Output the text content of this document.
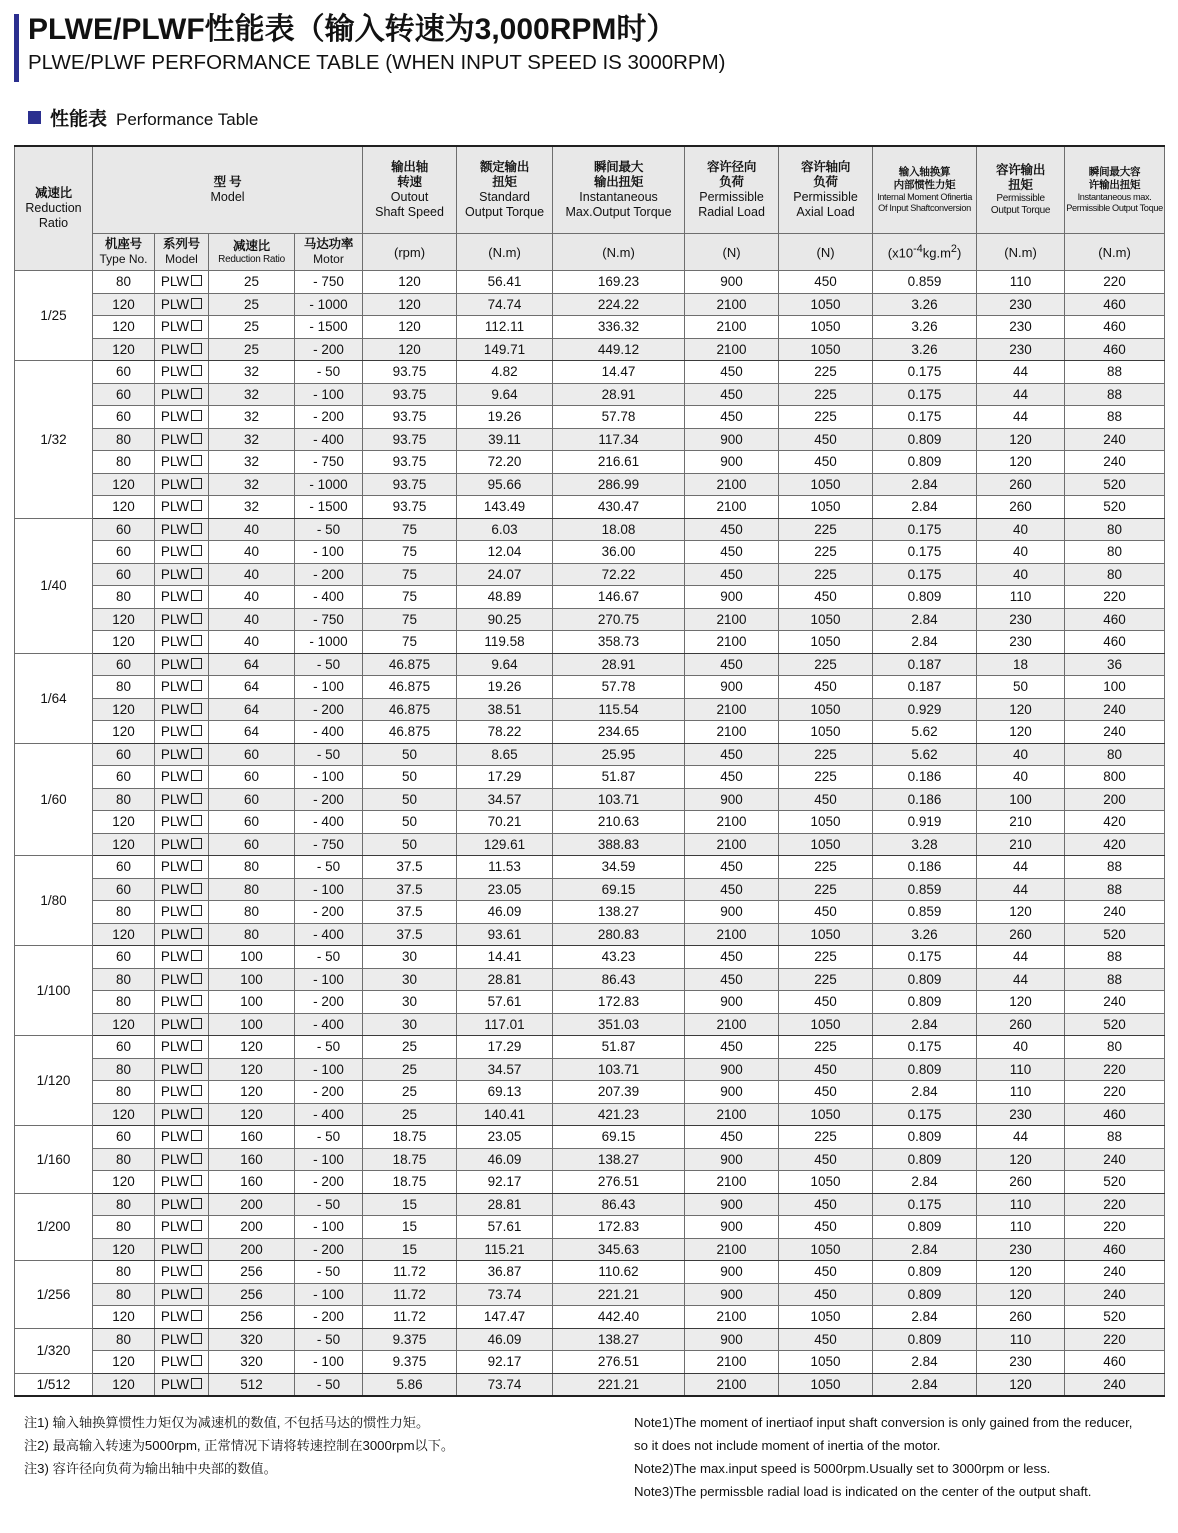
PLWE/PLWF性能表（输入转速为3,000RPM时）
PLWE/PLWF PERFORMANCE TABLE (WHEN INPUT SPEED IS 3000RPM)
性能表 Performance Table
减速比
Reduction
Ratio	型 号
Model				输出轴
转速
Outout
Shaft Speed	额定输出
扭矩
Standard
Output Torque	瞬间最大
输出扭矩
Instantaneous
Max.Output Torque	容许径向
负荷
Permissible
Radial Load	容许轴向
负荷
Permissible
Axial Load	输入轴换算
内部惯性力矩
Internal Moment Ofinertia
Of Input Shaftconversion	容许输出
扭矩
Permissible
Output Torque	瞬间最大容
许输出扭矩
Instantaneous max.
Permissible Output Toque

	机座号
Type No.	系列号
Model	减速比
Reduction Ratio	马达功率
Motor	(rpm)	(N.m)	(N.m)	(N)	(N)	$(x10^{-4}kg.m^2)$	(N.m)	(N.m)
1/25	80	PLW	25	- 750	120	56.41	169.23	900	450	0.859	110	220
	120	PLW	25	- 1000	120	74.74	224.22	2100	1050	3.26	230	460
	120	PLW	25	- 1500	120	112.11	336.32	2100	1050	3.26	230	460
	120	PLW	25	- 200	120	149.71	449.12	2100	1050	3.26	230	460
1/32	60	PLW	32	- 50	93.75	4.82	14.47	450	225	0.175	44	88
	60	PLW	32	- 100	93.75	9.64	28.91	450	225	0.175	44	88
	60	PLW	32	- 200	93.75	19.26	57.78	450	225	0.175	44	88
	80	PLW	32	- 400	93.75	39.11	117.34	900	450	0.809	120	240
	80	PLW	32	- 750	93.75	72.20	216.61	900	450	0.809	120	240
	120	PLW	32	- 1000	93.75	95.66	286.99	2100	1050	2.84	260	520
	120	PLW	32	- 1500	93.75	143.49	430.47	2100	1050	2.84	260	520
1/40	60	PLW	40	- 50	75	6.03	18.08	450	225	0.175	40	80
	60	PLW	40	- 100	75	12.04	36.00	450	225	0.175	40	80
	60	PLW	40	- 200	75	24.07	72.22	450	225	0.175	40	80
	80	PLW	40	- 400	75	48.89	146.67	900	450	0.809	110	220
	120	PLW	40	- 750	75	90.25	270.75	2100	1050	2.84	230	460
	120	PLW	40	- 1000	75	119.58	358.73	2100	1050	2.84	230	460
1/64	60	PLW	64	- 50	46.875	9.64	28.91	450	225	0.187	18	36
	80	PLW	64	- 100	46.875	19.26	57.78	900	450	0.187	50	100
	120	PLW	64	- 200	46.875	38.51	115.54	2100	1050	0.929	120	240
	120	PLW	64	- 400	46.875	78.22	234.65	2100	1050	5.62	120	240
1/60	60	PLW	60	- 50	50	8.65	25.95	450	225	5.62	40	80
	60	PLW	60	- 100	50	17.29	51.87	450	225	0.186	40	800
	80	PLW	60	- 200	50	34.57	103.71	900	450	0.186	100	200
	120	PLW	60	- 400	50	70.21	210.63	2100	1050	0.919	210	420
	120	PLW	60	- 750	50	129.61	388.83	2100	1050	3.28	210	420
1/80	60	PLW	80	- 50	37.5	11.53	34.59	450	225	0.186	44	88
	60	PLW	80	- 100	37.5	23.05	69.15	450	225	0.859	44	88
	80	PLW	80	- 200	37.5	46.09	138.27	900	450	0.859	120	240
	120	PLW	80	- 400	37.5	93.61	280.83	2100	1050	3.26	260	520
1/100	60	PLW	100	- 50	30	14.41	43.23	450	225	0.175	44	88
	80	PLW	100	- 100	30	28.81	86.43	450	225	0.809	44	88
	80	PLW	100	- 200	30	57.61	172.83	900	450	0.809	120	240
	120	PLW	100	- 400	30	117.01	351.03	2100	1050	2.84	260	520
1/120	60	PLW	120	- 50	25	17.29	51.87	450	225	0.175	40	80
	80	PLW	120	- 100	25	34.57	103.71	900	450	0.809	110	220
	80	PLW	120	- 200	25	69.13	207.39	900	450	2.84	110	220
	120	PLW	120	- 400	25	140.41	421.23	2100	1050	0.175	230	460
1/160	60	PLW	160	- 50	18.75	23.05	69.15	450	225	0.809	44	88
	80	PLW	160	- 100	18.75	46.09	138.27	900	450	0.809	120	240
	120	PLW	160	- 200	18.75	92.17	276.51	2100	1050	2.84	260	520
1/200	80	PLW	200	- 50	15	28.81	86.43	900	450	0.175	110	220
	80	PLW	200	- 100	15	57.61	172.83	900	450	0.809	110	220
	120	PLW	200	- 200	15	115.21	345.63	2100	1050	2.84	230	460
1/256	80	PLW	256	- 50	11.72	36.87	110.62	900	450	0.809	120	240
	80	PLW	256	- 100	11.72	73.74	221.21	900	450	0.809	120	240
	120	PLW	256	- 200	11.72	147.47	442.40	2100	1050	2.84	260	520
1/320	80	PLW	320	- 50	9.375	46.09	138.27	900	450	0.809	110	220
	120	PLW	320	- 100	9.375	92.17	276.51	2100	1050	2.84	230	460
1/512	120	PLW	512	- 50	5.86	73.74	221.21	2100	1050	2.84	120	240
注1) 输入轴换算惯性力矩仅为减速机的数值, 不包括马达的惯性力矩。
注2) 最高输入转速为5000rpm, 正常情况下请将转速控制在3000rpm以下。
注3) 容许径向负荷为输出轴中央部的数值。
Note1)The moment of inertiaof input shaft conversion is only gained from the reducer,
so it does not include moment of inertia of the motor.
Note2)The max.input speed is 5000rpm.Usually set to 3000rpm or less.
Note3)The permissble radial load is indicated on the center of the output shaft.
